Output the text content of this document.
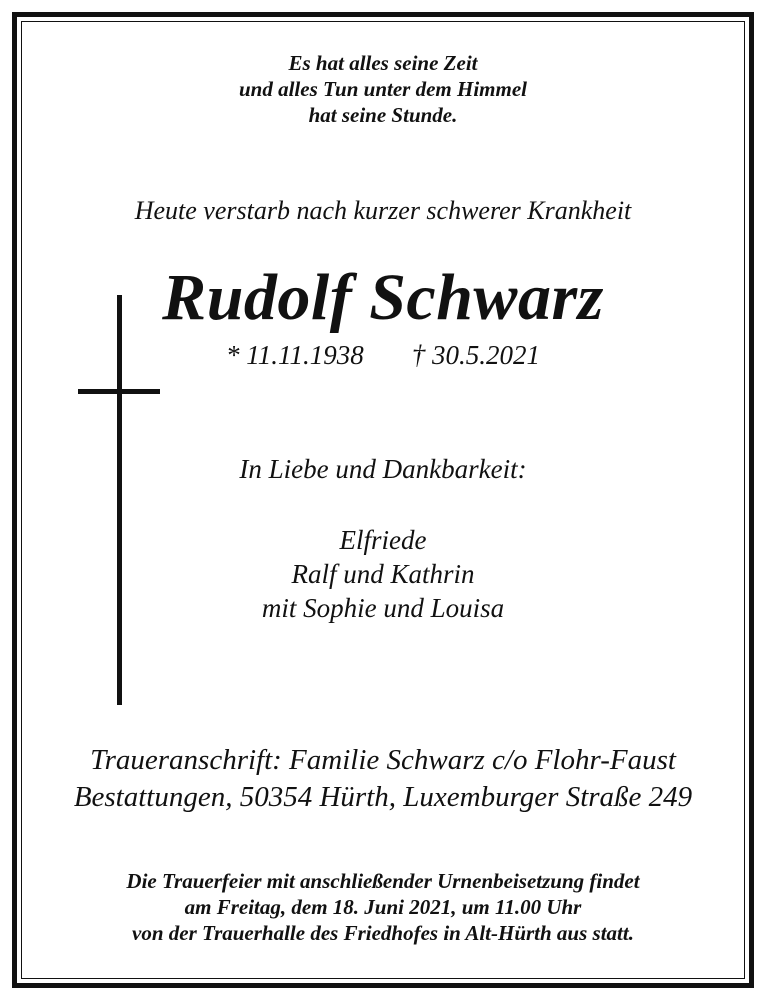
Es hat alles seine Zeit
und alles Tun unter dem Himmel
hat seine Stunde.

Heute verstarb nach kurzer schwerer Krankheit

Rudolf Schwarz

* 11.11.1938 † 30.5.2021

In Liebe und Dankbarkeit:

Elfriede
Ralf und Kathrin
mit Sophie und Louisa
Traueranschrift: Familie Schwarz c/o Flohr-Faust
Bestattungen, 50354 Hürth, Luxemburger Straße 249
Die Trauerfeier mit anschließender Urnenbeisetzung findet
am Freitag, dem 18. Juni 2021, um 11.00 Uhr
von der Trauerhalle des Friedhofes in Alt-Hürth aus statt.
